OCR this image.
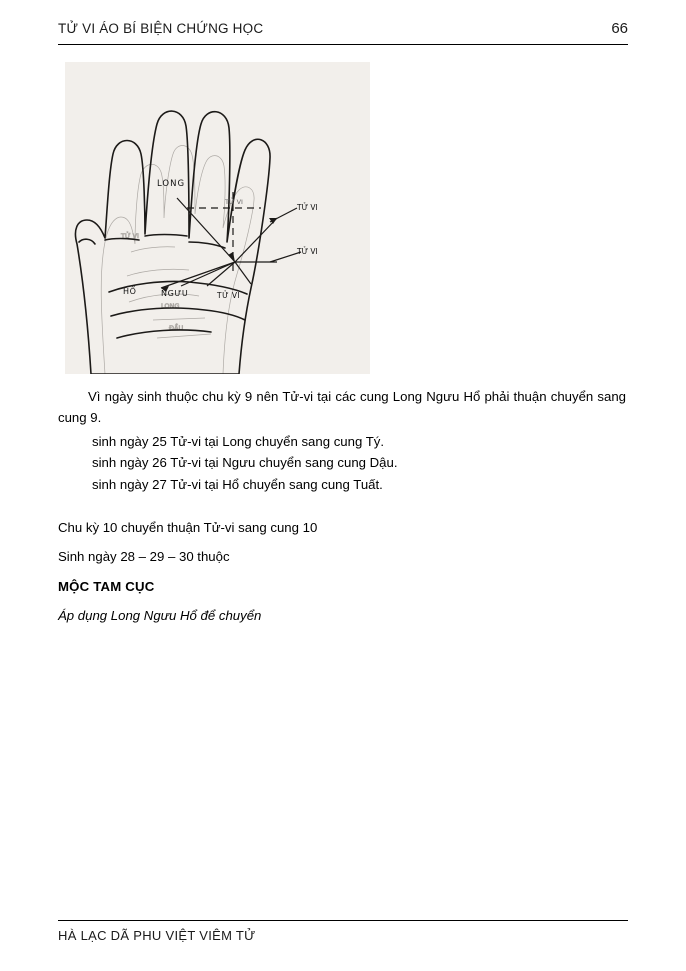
TỬ VI ÁO BÍ BIỆN CHỨNG HỌC	66
TỬ VI
LONG
ĐẦU
LONG
HỔ	NGƯU	TỬ VI
TỬ VI
TỬ VI
TỬ VI

Vì ngày sinh thuộc chu kỳ 9 nên Tử-vi tại các cung Long Ngưu Hổ phải thuận chuyển sang cung 9.

sinh ngày 25 Tử-vi tại Long chuyển sang cung Tý.

sinh ngày 26 Tử-vi tại Ngưu chuyển sang cung Dậu.

sinh ngày 27 Tử-vi tại Hổ chuyển sang cung Tuất.

Chu kỳ 10 chuyển thuận Tử-vi sang cung 10

Sinh ngày 28 – 29 – 30 thuộc

MỘC TAM CỤC

Áp dụng Long Ngưu Hổ để chuyển

HÀ LẠC DÃ PHU VIỆT VIÊM TỬ
